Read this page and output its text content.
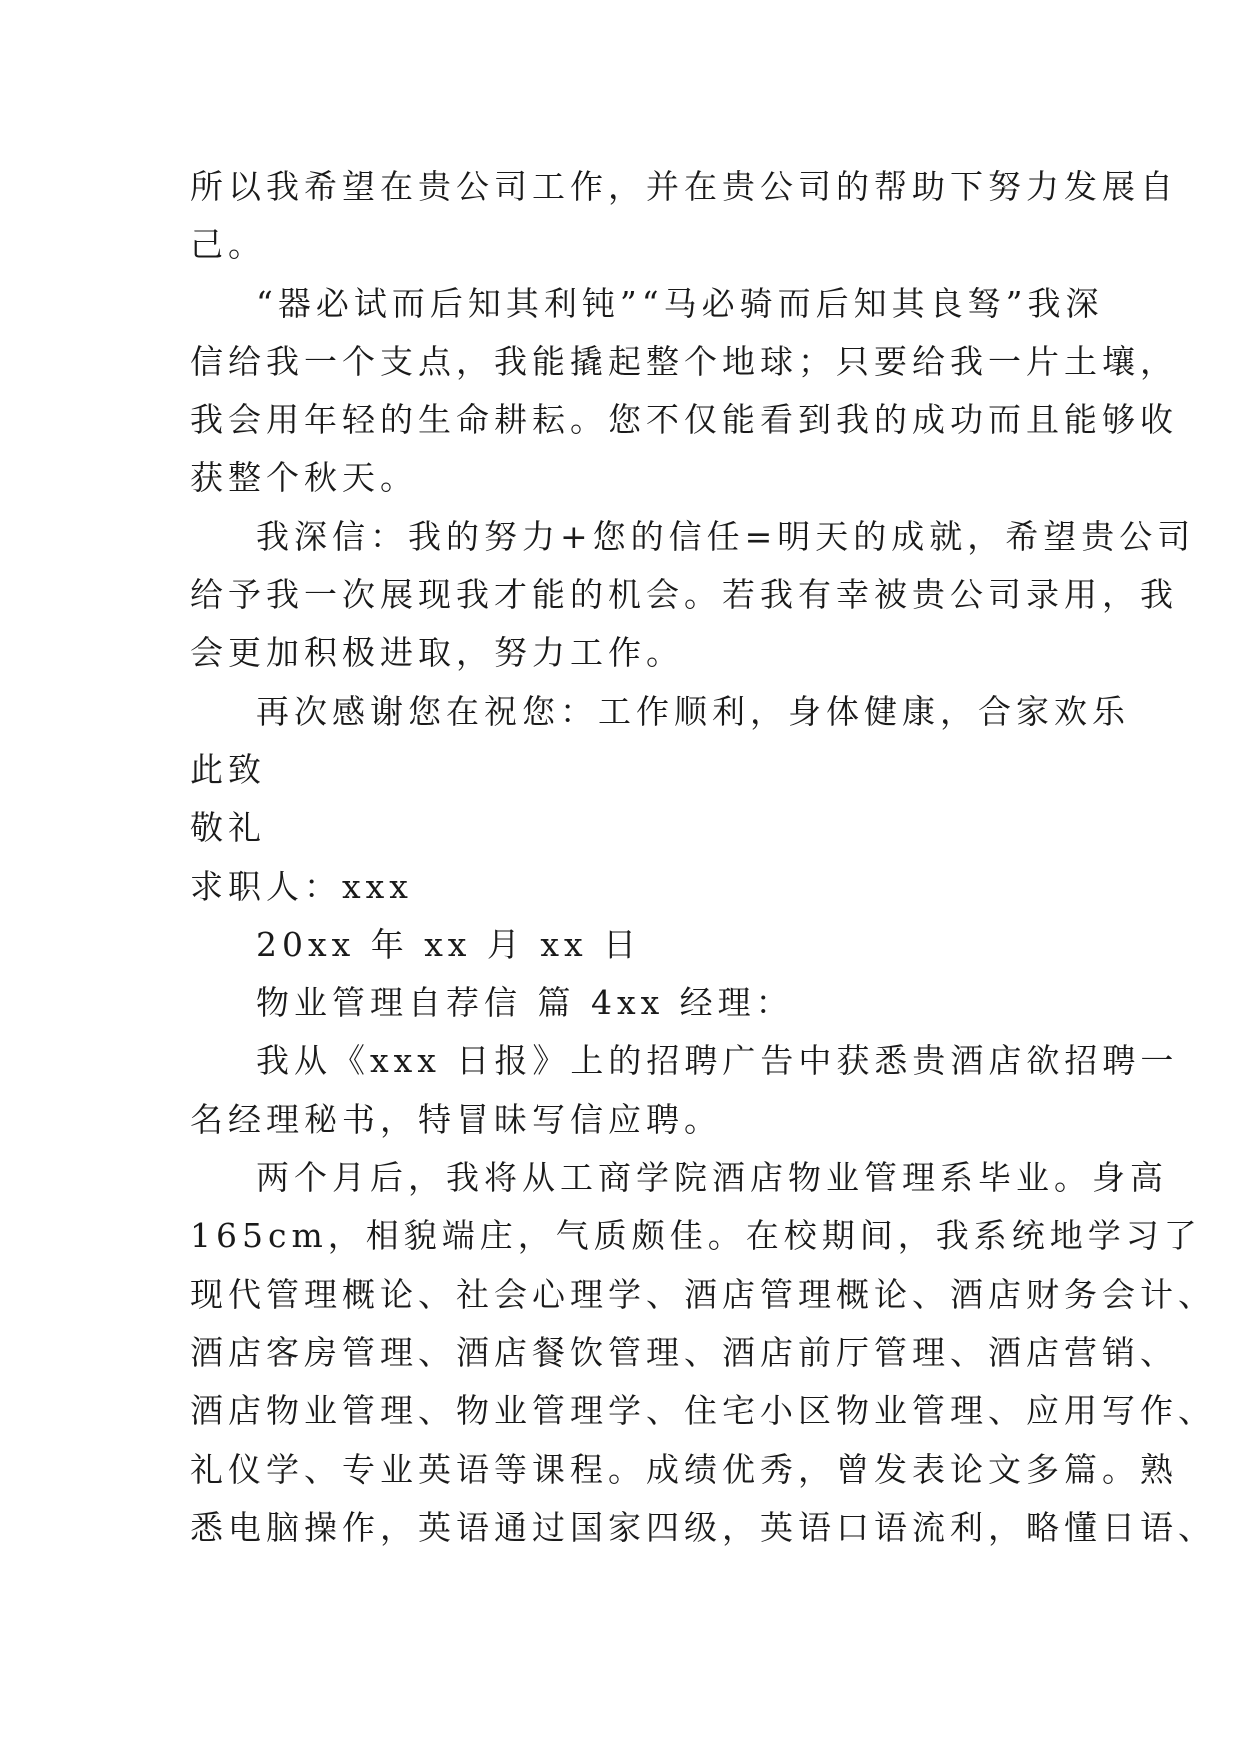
所以我希望在贵公司工作，并在贵公司的帮助下努力发展自
己。
“器必试而后知其利钝”“马必骑而后知其良驽”我深
信给我一个支点，我能撬起整个地球；只要给我一片土壤，
我会用年轻的生命耕耘。您不仅能看到我的成功而且能够收
获整个秋天。
我深信：我的努力+您的信任=明天的成就，希望贵公司
给予我一次展现我才能的机会。若我有幸被贵公司录用，我
会更加积极进取，努力工作。
再次感谢您在祝您：工作顺利，身体健康，合家欢乐
此致
敬礼
求职人：xxx
20xx 年 xx 月 xx 日
物业管理自荐信 篇 4xx 经理：
我从《xxx 日报》上的招聘广告中获悉贵酒店欲招聘一
名经理秘书，特冒昧写信应聘。
两个月后，我将从工商学院酒店物业管理系毕业。身高
165cm，相貌端庄，气质颇佳。在校期间，我系统地学习了
现代管理概论、社会心理学、酒店管理概论、酒店财务会计、
酒店客房管理、酒店餐饮管理、酒店前厅管理、酒店营销、
酒店物业管理、物业管理学、住宅小区物业管理、应用写作、
礼仪学、专业英语等课程。成绩优秀，曾发表论文多篇。熟
悉电脑操作，英语通过国家四级，英语口语流利，略懂日语、
